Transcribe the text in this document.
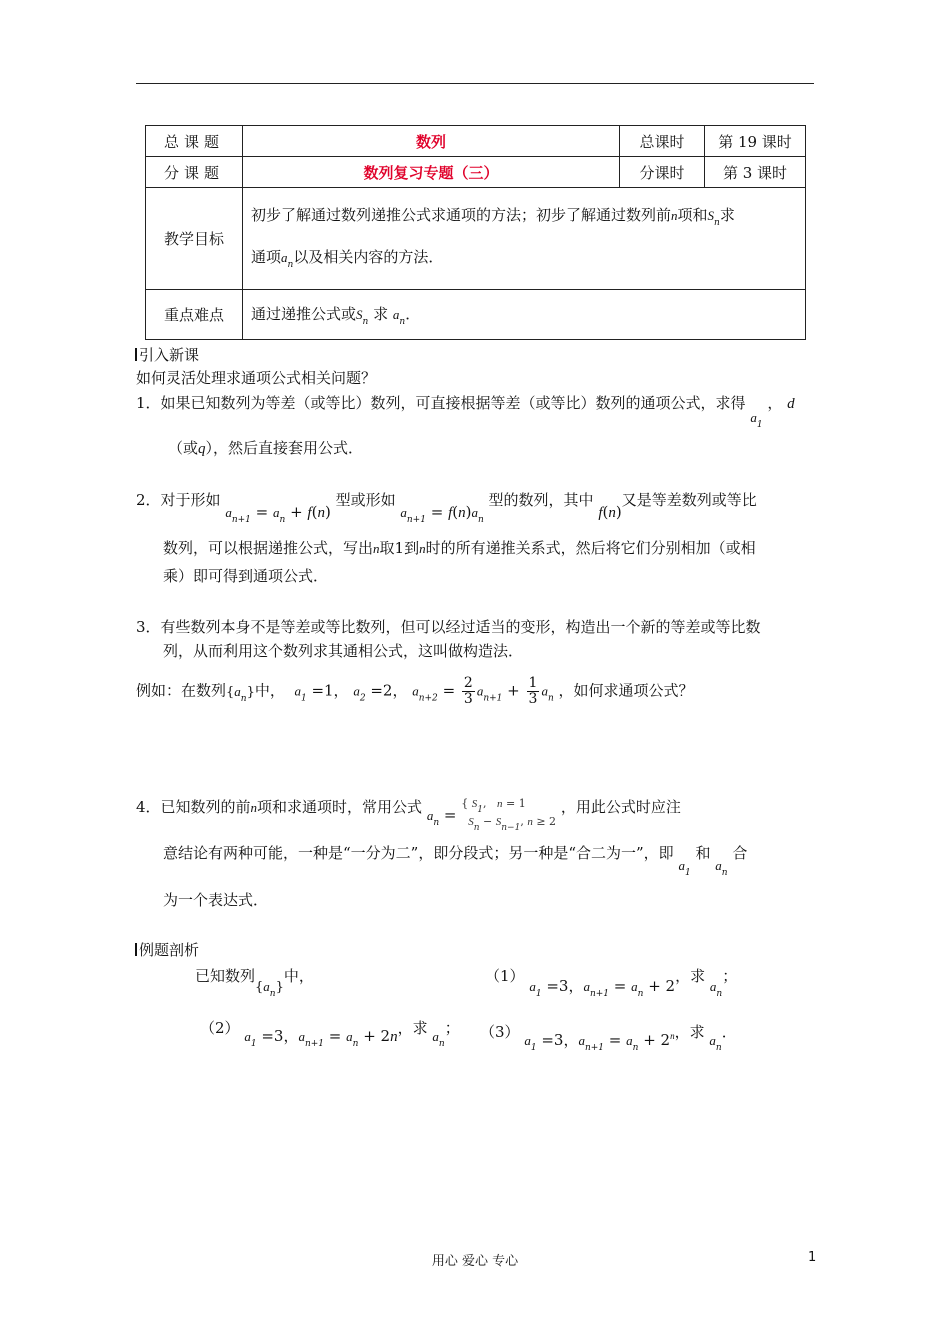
总课题	数列	总课时	第 19 课时
分课题	数列复习专题（三）	分课时	第 3 课时
教学目标	初步了解通过数列递推公式求通项的方法；初步了解通过数列前n项和$S_n$求
通项$a_n$以及相关内容的方法．		
重点难点	通过递推公式或$S_n$ 求 $a_n$．		
引入新课
如何灵活处理求通项公式相关问题？
1．如果已知数列为等差（或等比）数列，可直接根据等差（或等比）数列的通项公式，求得 $a_1$ ， d
（或q），然后直接套用公式．
2．对于形如 $a_{n+1} = a_n + f(n)$ 型或形如 $a_{n+1} = f(n)a_n$ 型的数列，其中 f(n)又是等差数列或等比
数列，可以根据递推公式，写出n取1到n时的所有递推关系式，然后将它们分别相加（或相
乘）即可得到通项公式．
3．有些数列本身不是等差或等比数列，但可以经过适当的变形，构造出一个新的等差或等比数
列，从而利用这个数列求其通相公式，这叫做构造法．
例如：在数列$\{a_n\}$中， $a_1 =1$， $a_2 =2$， $a_{n+2} = \frac{2}{3} a_{n+1} + \frac{1}{3} a_n$ ，如何求通项公式？
4．已知数列的前n项和求通项时，常用公式 $a_n$ = { $S_1$,   n = 1
$S_n - S_{n-1}$, n ≥ 2 ，用此公式时应注
意结论有两种可能，一种是“一分为二”，即分段式；另一种是“合二为一”，即 $a_1$ 和 $a_n$ 合
为一个表达式．
例题剖析
已知数列$\{a_n\}$中，	（1） $a_1 =3$，$a_{n+1} = a_n + 2$，求 $a_n$；
（2） $a_1 =3$，$a_{n+1} = a_n + 2n$，求 $a_n$； （3） $a_1 =3$，$a_{n+1} = a_n + 2^n$，求 $a_n$．
用心 爱心 专心	1
